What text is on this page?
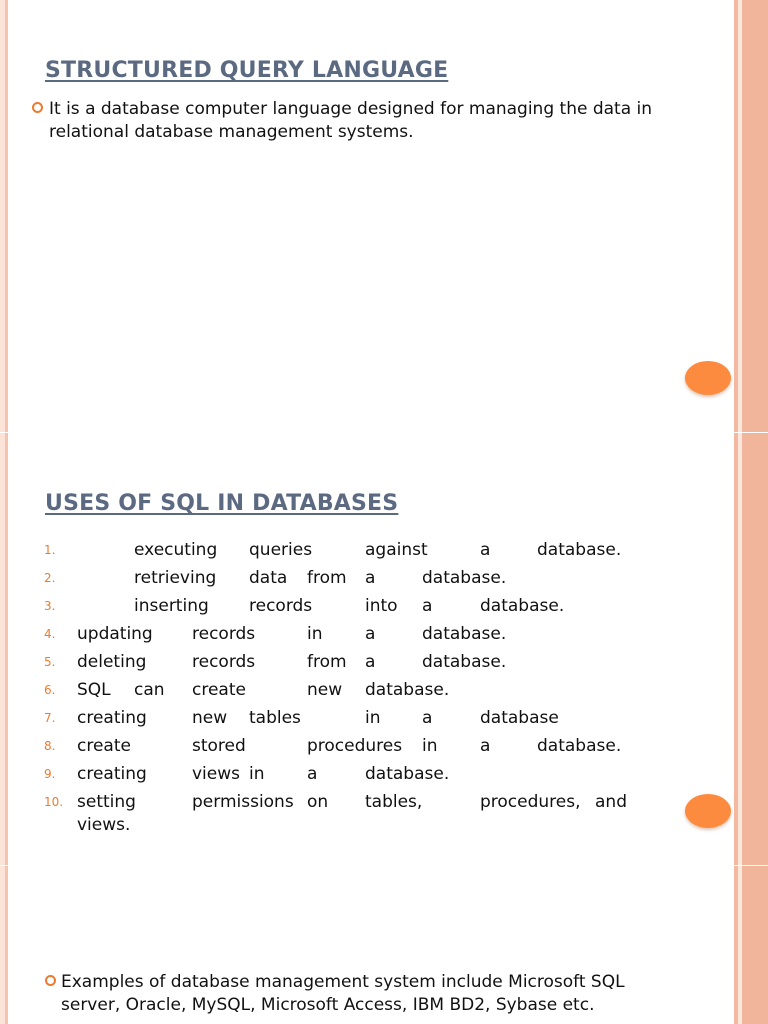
STRUCTURED QUERY LANGUAGE
It is a database computer language designed for managing the data in relational database management systems.
USES OF SQL IN DATABASES
1.	executing queries	against	a	database.
2.	retrieving data from a	database.
3.	inserting records	into a	database.
4. updating records	in	a	database.
5. deleting	records	from a	database.
6. SQL can create	new database.
7. creating	new tables	in a	database
8. create	stored	procedures in	a	database.
9. creating	views in	a	database.
10. setting	permissions on tables,	procedures, and
views.
Examples of database management system include Microsoft SQL server, Oracle, MySQL, Microsoft Access, IBM BD2, Sybase etc.
